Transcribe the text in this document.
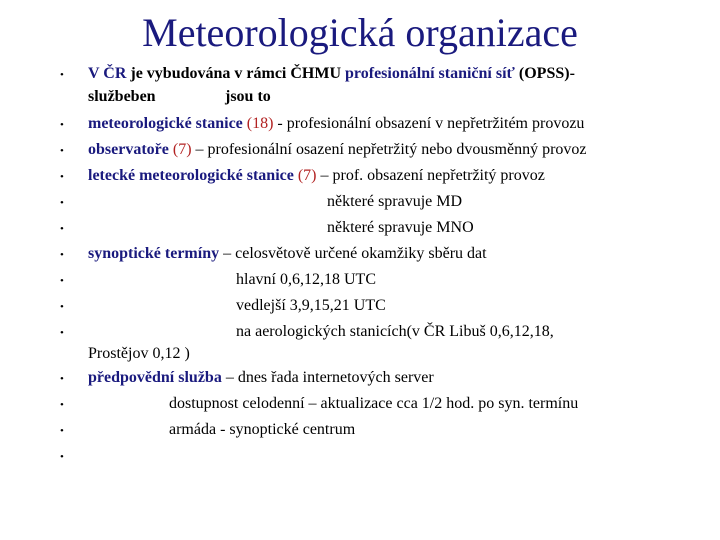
Meteorologická organizace
•
•
•
•
•
•
•
•
•
•
•
•
•
•
V ČR je vybudována v rámci ČHMU profesionální staniční síť (OPSS)-
službeben	jsou to
meteorologické stanice (18) - profesionální obsazení v nepřetržitém provozu
observatoře (7) – profesionální osazení nepřetržitý nebo dvousměnný provoz
letecké meteorologické stanice (7) – prof. obsazení nepřetržitý provoz
některé spravuje MD
některé spravuje MNO
synoptické termíny – celosvětově určené okamžiky sběru dat
hlavní 0,6,12,18 UTC
vedlejší 3,9,15,21 UTC
na aerologických stanicích(v ČR Libuš 0,6,12,18,
Prostějov 0,12 )
předpovědní služba – dnes řada internetových server
dostupnost celodenní – aktualizace cca 1/2 hod. po syn. termínu
armáda - synoptické centrum
